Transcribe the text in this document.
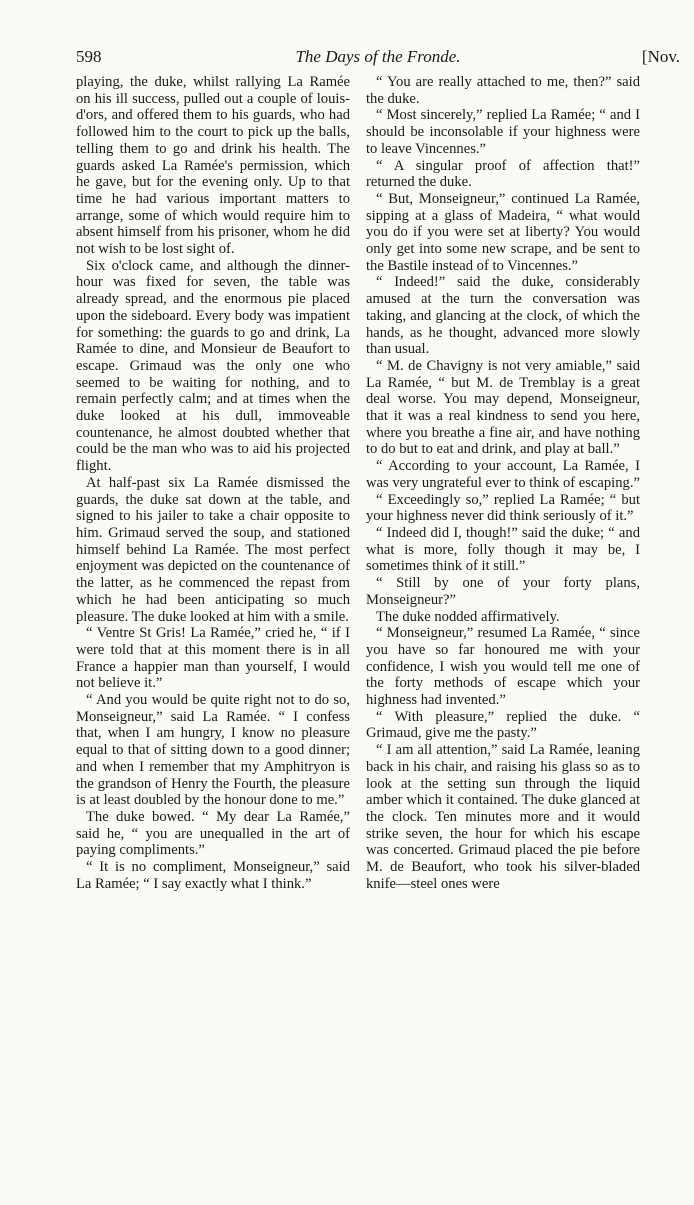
598	The Days of the Fronde.	[Nov.

playing, the duke, whilst rallying La Ramée on his ill success, pulled out a couple of louis-d'ors, and offered them to his guards, who had followed him to the court to pick up the balls, telling them to go and drink his health. The guards asked La Ramée's permission, which he gave, but for the evening only. Up to that time he had various important matters to arrange, some of which would require him to absent himself from his prisoner, whom he did not wish to be lost sight of.

Six o'clock came, and although the dinner-hour was fixed for seven, the table was already spread, and the enormous pie placed upon the sideboard. Every body was impatient for something: the guards to go and drink, La Ramée to dine, and Monsieur de Beaufort to escape. Grimaud was the only one who seemed to be waiting for nothing, and to remain perfectly calm; and at times when the duke looked at his dull, immoveable countenance, he almost doubted whether that could be the man who was to aid his projected flight.

At half-past six La Ramée dismissed the guards, the duke sat down at the table, and signed to his jailer to take a chair opposite to him. Grimaud served the soup, and stationed himself behind La Ramée. The most perfect enjoyment was depicted on the countenance of the latter, as he commenced the repast from which he had been anticipating so much pleasure. The duke looked at him with a smile.

“ Ventre St Gris! La Ramée,” cried he, “ if I were told that at this moment there is in all France a happier man than yourself, I would not believe it.”

“ And you would be quite right not to do so, Monseigneur,” said La Ramée. “ I confess that, when I am hungry, I know no pleasure equal to that of sitting down to a good dinner; and when I remember that my Amphitryon is the grandson of Henry the Fourth, the pleasure is at least doubled by the honour done to me.”

The duke bowed. “ My dear La Ramée,” said he, “ you are unequalled in the art of paying compliments.”

“ It is no compliment, Monseigneur,” said La Ramée; “ I say exactly what I think.”

“ You are really attached to me, then?” said the duke.

“ Most sincerely,” replied La Ramée; “ and I should be inconsolable if your highness were to leave Vincennes.”

“ A singular proof of affection that!” returned the duke.

“ But, Monseigneur,” continued La Ramée, sipping at a glass of Madeira, “ what would you do if you were set at liberty? You would only get into some new scrape, and be sent to the Bastile instead of to Vincennes.”

“ Indeed!” said the duke, considerably amused at the turn the conversation was taking, and glancing at the clock, of which the hands, as he thought, advanced more slowly than usual.

“ M. de Chavigny is not very amiable,” said La Ramée, “ but M. de Tremblay is a great deal worse. You may depend, Monseigneur, that it was a real kindness to send you here, where you breathe a fine air, and have nothing to do but to eat and drink, and play at ball.”

“ According to your account, La Ramée, I was very ungrateful ever to think of escaping.”

“ Exceedingly so,” replied La Ramée; “ but your highness never did think seriously of it.”

“ Indeed did I, though!” said the duke; “ and what is more, folly though it may be, I sometimes think of it still.”

“ Still by one of your forty plans, Monseigneur?”

The duke nodded affirmatively.

“ Monseigneur,” resumed La Ramée, “ since you have so far honoured me with your confidence, I wish you would tell me one of the forty methods of escape which your highness had invented.”

“ With pleasure,” replied the duke. “ Grimaud, give me the pasty.”

“ I am all attention,” said La Ramée, leaning back in his chair, and raising his glass so as to look at the setting sun through the liquid amber which it contained. The duke glanced at the clock. Ten minutes more and it would strike seven, the hour for which his escape was concerted. Grimaud placed the pie before M. de Beaufort, who took his silver-bladed knife—steel ones were
